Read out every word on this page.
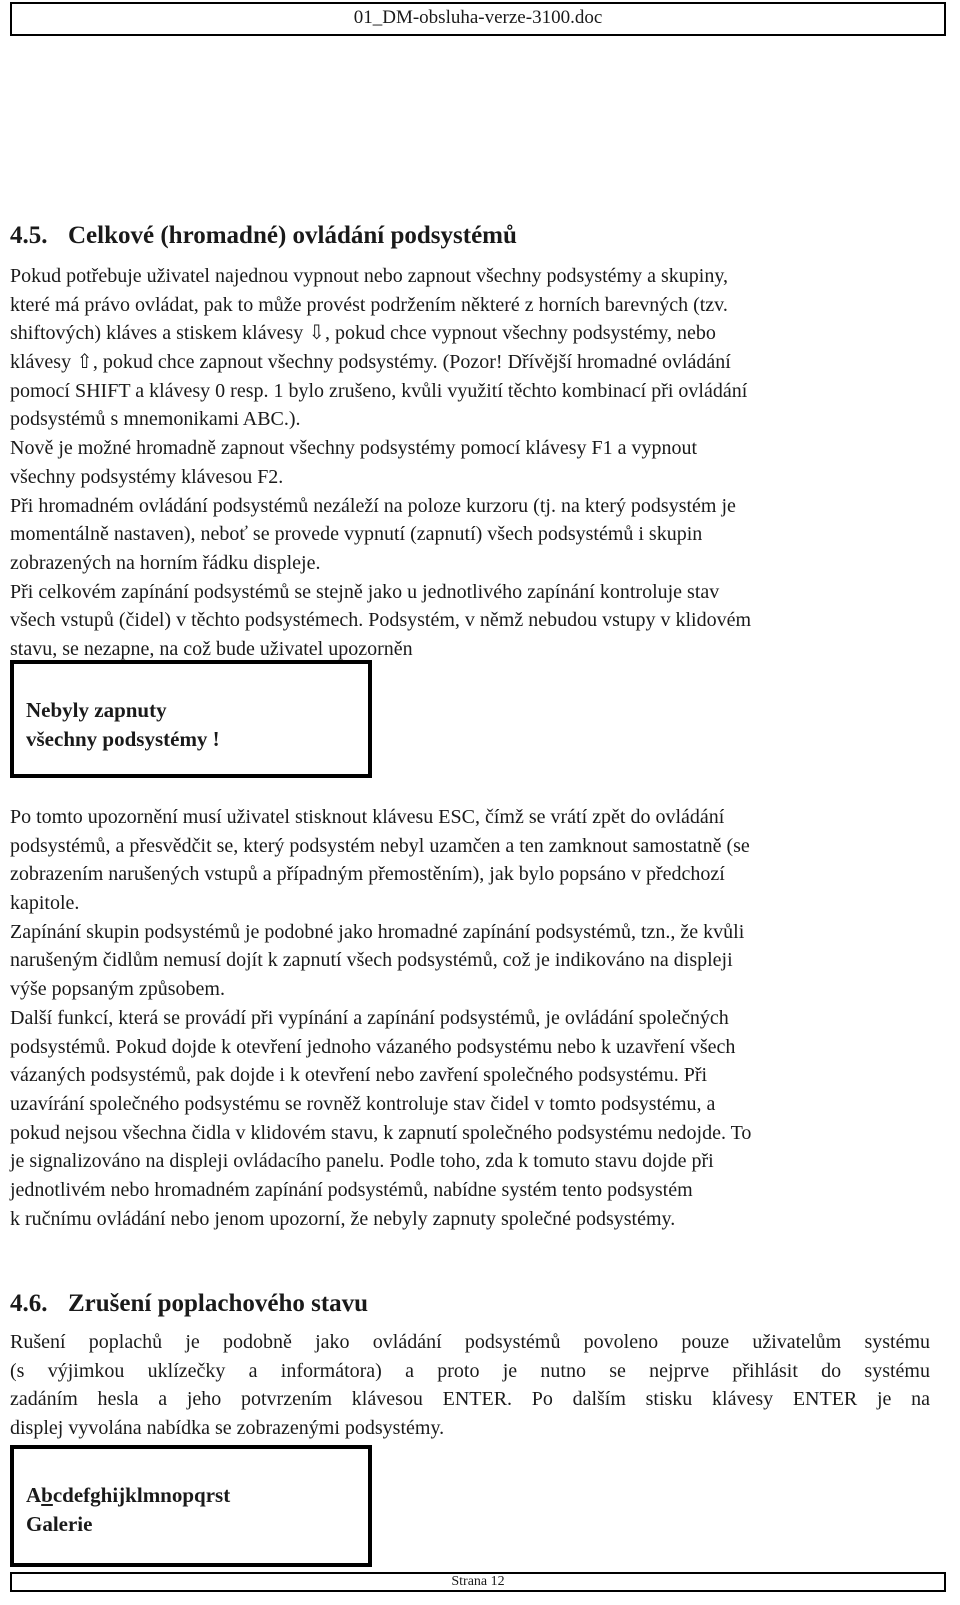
01_DM-obsluha-verze-3100.doc
4.5. Celkové (hromadné) ovládání podsystémů
Pokud potřebuje uživatel najednou vypnout nebo zapnout všechny podsystémy a skupiny,
které má právo ovládat, pak to může provést podržením některé z horních barevných (tzv.
shiftových) kláves a stiskem klávesy ⇩, pokud chce vypnout všechny podsystémy, nebo
klávesy ⇧, pokud chce zapnout všechny podsystémy. (Pozor! Dřívější hromadné ovládání
pomocí SHIFT a klávesy 0 resp. 1 bylo zrušeno, kvůli využití těchto kombinací při ovládání
podsystémů s mnemonikami ABC.).
Nově je možné hromadně zapnout všechny podsystémy pomocí klávesy F1 a vypnout
všechny podsystémy klávesou F2.
Při hromadném ovládání podsystémů nezáleží na poloze kurzoru (tj. na který podsystém je
momentálně nastaven), neboť se provede vypnutí (zapnutí) všech podsystémů i skupin
zobrazených na horním řádku displeje.
Při celkovém zapínání podsystémů se stejně jako u jednotlivého zapínání kontroluje stav
všech vstupů (čidel) v těchto podsystémech. Podsystém, v němž nebudou vstupy v klidovém
stavu, se nezapne, na což bude uživatel upozorněn
Nebyly zapnuty
všechny podsystémy !
Po tomto upozornění musí uživatel stisknout klávesu ESC, čímž se vrátí zpět do ovládání
podsystémů, a přesvědčit se, který podsystém nebyl uzamčen a ten zamknout samostatně (se
zobrazením narušených vstupů a případným přemostěním), jak bylo popsáno v předchozí
kapitole.
Zapínání skupin podsystémů je podobné jako hromadné zapínání podsystémů, tzn., že kvůli
narušeným čidlům nemusí dojít k zapnutí všech podsystémů, což je indikováno na displeji
výše popsaným způsobem.
Další funkcí, která se provádí při vypínání a zapínání podsystémů, je ovládání společných
podsystémů. Pokud dojde k otevření jednoho vázaného podsystému nebo k uzavření všech
vázaných podsystémů, pak dojde i k otevření nebo zavření společného podsystému. Při
uzavírání společného podsystému se rovněž kontroluje stav čidel v tomto podsystému, a
pokud nejsou všechna čidla v klidovém stavu, k zapnutí společného podsystému nedojde. To
je signalizováno na displeji ovládacího panelu. Podle toho, zda k tomuto stavu dojde při
jednotlivém nebo hromadném zapínání podsystémů, nabídne systém tento podsystém
k ručnímu ovládání nebo jenom upozorní, že nebyly zapnuty společné podsystémy.
4.6. Zrušení poplachového stavu
Rušení poplachů je podobně jako ovládání podsystémů povoleno pouze uživatelům systému
(s výjimkou uklízečky a informátora) a proto je nutno se nejprve přihlásit do systému
zadáním hesla a jeho potvrzením klávesou ENTER. Po dalším stisku klávesy ENTER je na
displej vyvolána nabídka se zobrazenými podsystémy.
Abcdefghijklmnopqrst
Galerie
Strana 12
